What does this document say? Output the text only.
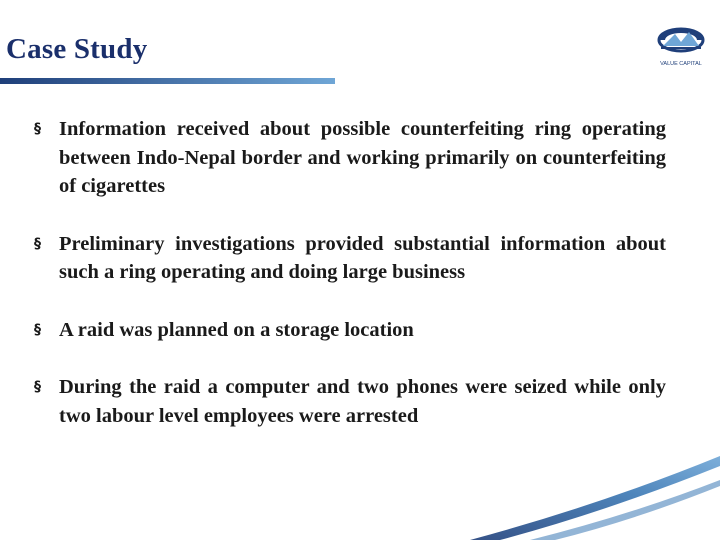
Case Study	VALUE CAPITAL
§ Information received about possible counterfeiting ring operating between Indo-Nepal border and working primarily on counterfeiting of cigarettes
§ Preliminary investigations provided substantial information about such a ring operating and doing large business
§ A raid was planned on a storage location
§ During the raid a computer and two phones were seized while only two labour level employees were arrested
